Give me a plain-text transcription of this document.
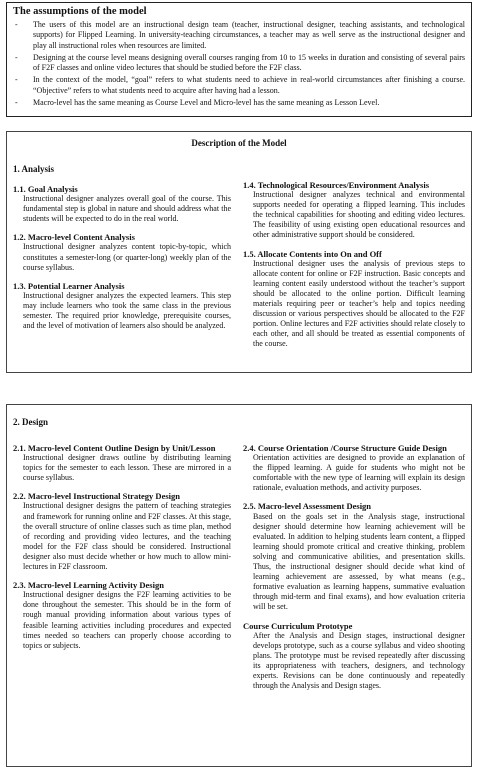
The assumptions of the model
- The users of this model are an instructional design team (teacher, instructional designer, teaching assistants, and technological supports) for Flipped Learning. In university-teaching circumstances, a teacher may as well serve as the instructional designer and play all instructional roles when resources are limited.
- Designing at the course level means designing overall courses ranging from 10 to 15 weeks in duration and consisting of several pairs of F2F classes and online video lectures that should be studied before the F2F class.
- In the context of the model, “goal” refers to what students need to achieve in real-world circumstances after finishing a course. “Objective” refers to what students need to acquire after having had a lesson.
- Macro-level has the same meaning as Course Level and Micro-level has the same meaning as Lesson Level.
Description of the Model
1. Analysis
1.1. Goal Analysis
Instructional designer analyzes overall goal of the course. This fundamental step is global in nature and should address what the students will be expected to do in the real world.
1.2. Macro-level Content Analysis
Instructional designer analyzes content topic-by-topic, which constitutes a semester-long (or quarter-long) weekly plan of the course syllabus.
1.3. Potential Learner Analysis
Instructional designer analyzes the expected learners. This step may include learners who took the same class in the previous semester. The required prior knowledge, prerequisite courses, and the level of motivation of learners also should be analyzed.
1.4. Technological Resources/Environment Analysis
Instructional designer analyzes technical and environmental supports needed for operating a flipped learning. This includes the technical capabilities for shooting and editing video lectures. The feasibility of using existing open educational resources and other administrative support should be considered.
1.5. Allocate Contents into On and Off
Instructional designer uses the analysis of previous steps to allocate content for online or F2F instruction. Basic concepts and learning content easily understood without the teacher’s support should be allocated to the online portion. Difficult learning materials requiring peer or teacher’s help and topics needing discussion or various perspectives should be allocated to the F2F portion. Online lectures and F2F activities should relate closely to each other, and all should be treated as essential components of the course.
2. Design
2.1. Macro-level Content Outline Design by Unit/Lesson
Instructional designer draws outline by distributing learning topics for the semester to each lesson. These are mirrored in a course syllabus.
2.2. Macro-level Instructional Strategy Design
Instructional designer designs the pattern of teaching strategies and framework for running online and F2F classes. At this stage, the overall structure of online classes such as time plan, method of recording and providing video lectures, and the teaching model for the F2F class should be considered. Instructional designer also must decide whether or how much to allow mini-lectures in F2F classroom.
2.3. Macro-level Learning Activity Design
Instructional designer designs the F2F learning activities to be done throughout the semester. This should be in the form of rough manual providing information about various types of feasible learning activities including procedures and expected times needed so teachers can properly choose according to topics or subjects.
2.4. Course Orientation /Course Structure Guide Design
Orientation activities are designed to provide an explanation of the flipped learning. A guide for students who might not be comfortable with the new type of learning will explain its design rationale, evaluation methods, and activity purposes.
2.5. Macro-level Assessment Design
Based on the goals set in the Analysis stage, instructional designer should determine how learning achievement will be evaluated. In addition to helping students learn content, a flipped learning should promote critical and creative thinking, problem solving and communicative abilities, and presentation skills. Thus, the instructional designer should decide what kind of learning achievement are assessed, by what means (e.g., formative evaluation as learning happens, summative evaluation through mid-term and final exams), and how evaluation criteria will be set.
Course Curriculum Prototype
After the Analysis and Design stages, instructional designer develops prototype, such as a course syllabus and video shooting plans. The prototype must be revised repeatedly after discussing its appropriateness with teachers, designers, and technology experts. Revisions can be done continuously and repeatedly through the Analysis and Design stages.
